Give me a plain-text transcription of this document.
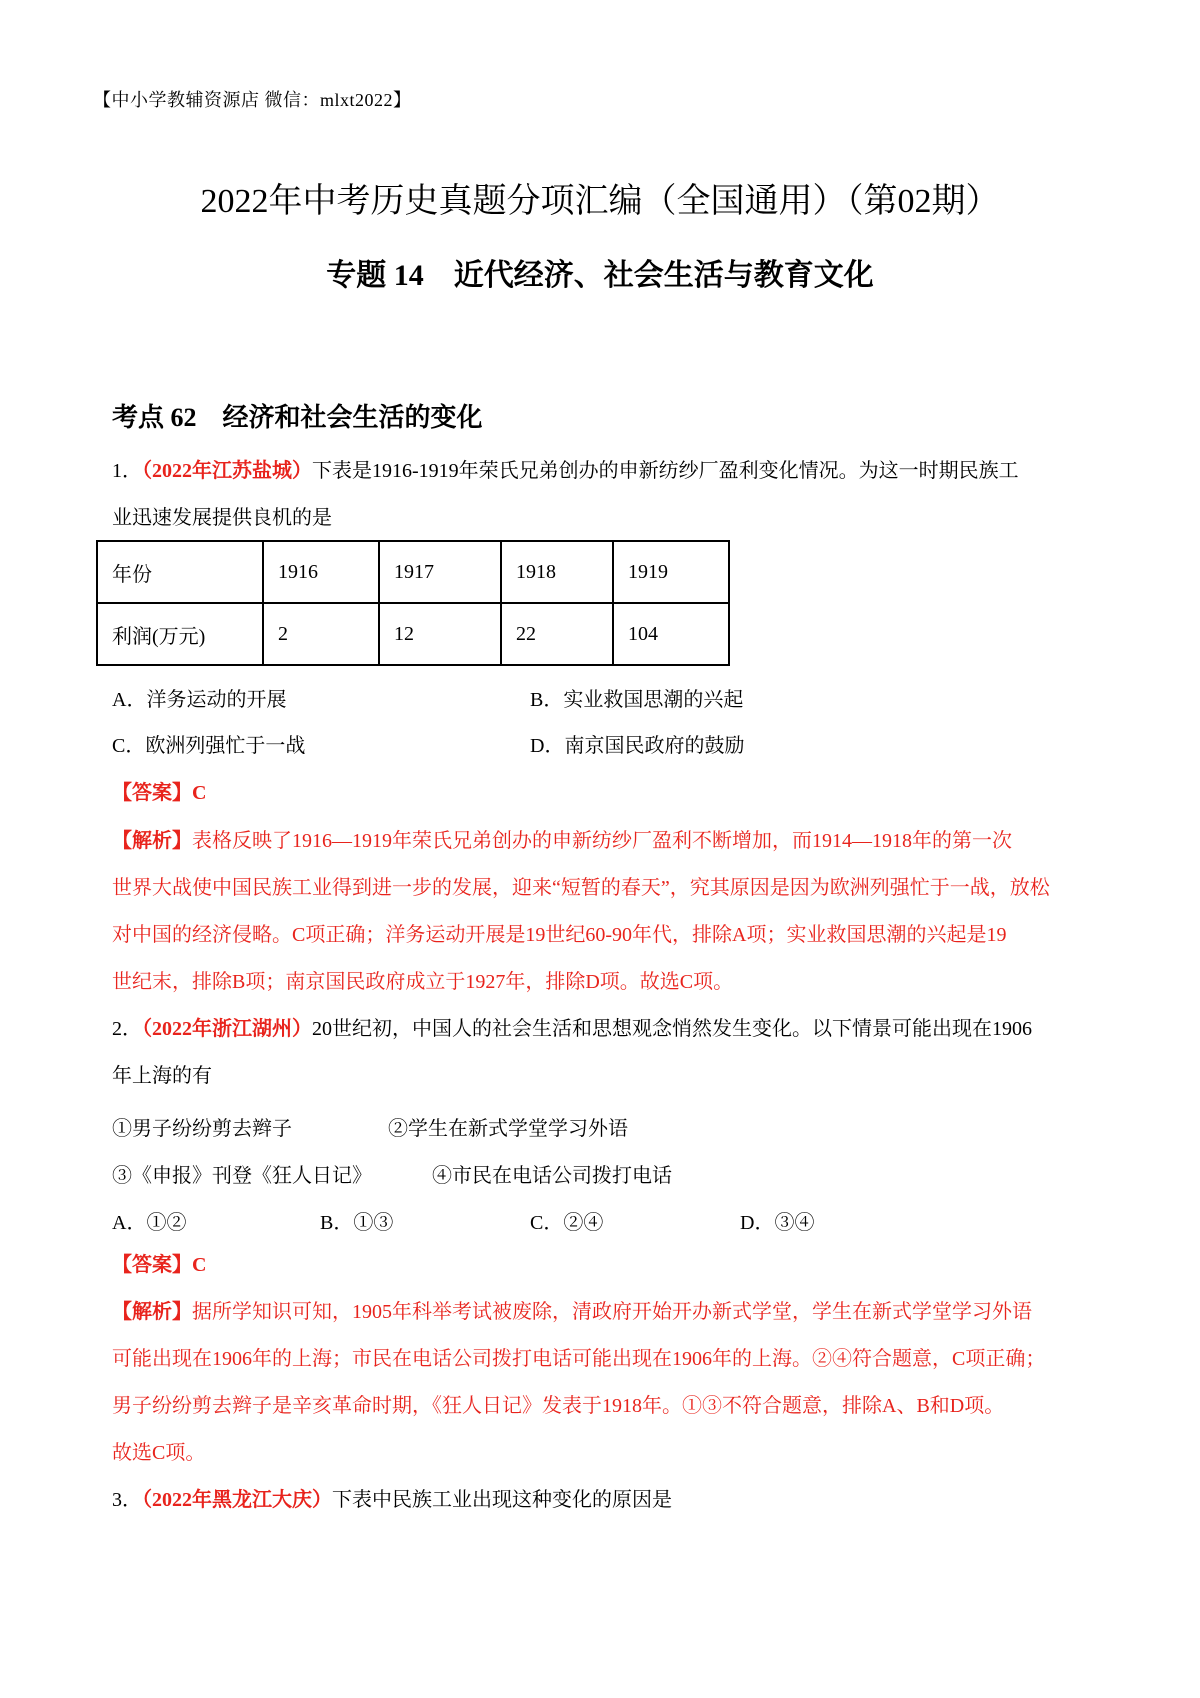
【中小学教辅资源店 微信：mlxt2022】
2022年中考历史真题分项汇编（全国通用）（第02期）
专题 14　近代经济、社会生活与教育文化
考点 62　经济和社会生活的变化
1．（2022年江苏盐城）下表是1916-1919年荣氏兄弟创办的申新纺纱厂盈利变化情况。为这一时期民族工
业迅速发展提供良机的是
年份	1916	1917	1918	1919
利润(万元)	2	12	22	104
A．洋务运动的开展	B．实业救国思潮的兴起
C．欧洲列强忙于一战	D．南京国民政府的鼓励
【答案】C
【解析】表格反映了1916—1919年荣氏兄弟创办的申新纺纱厂盈利不断增加，而1914—1918年的第一次
世界大战使中国民族工业得到进一步的发展，迎来“短暂的春天”，究其原因是因为欧洲列强忙于一战，放松
对中国的经济侵略。C项正确；洋务运动开展是19世纪60-90年代，排除A项；实业救国思潮的兴起是19
世纪末，排除B项；南京国民政府成立于1927年，排除D项。故选C项。
2．（2022年浙江湖州）20世纪初，中国人的社会生活和思想观念悄然发生变化。以下情景可能出现在1906
年上海的有
①男子纷纷剪去辫子	②学生在新式学堂学习外语
③《申报》刊登《狂人日记》	④市民在电话公司拨打电话
A．①②	B．①③	C．②④	D．③④
【答案】C
【解析】据所学知识可知，1905年科举考试被废除，清政府开始开办新式学堂，学生在新式学堂学习外语
可能出现在1906年的上海；市民在电话公司拨打电话可能出现在1906年的上海。②④符合题意，C项正确；
男子纷纷剪去辫子是辛亥革命时期，《狂人日记》发表于1918年。①③不符合题意，排除A、B和D项。
故选C项。
3．（2022年黑龙江大庆）下表中民族工业出现这种变化的原因是
